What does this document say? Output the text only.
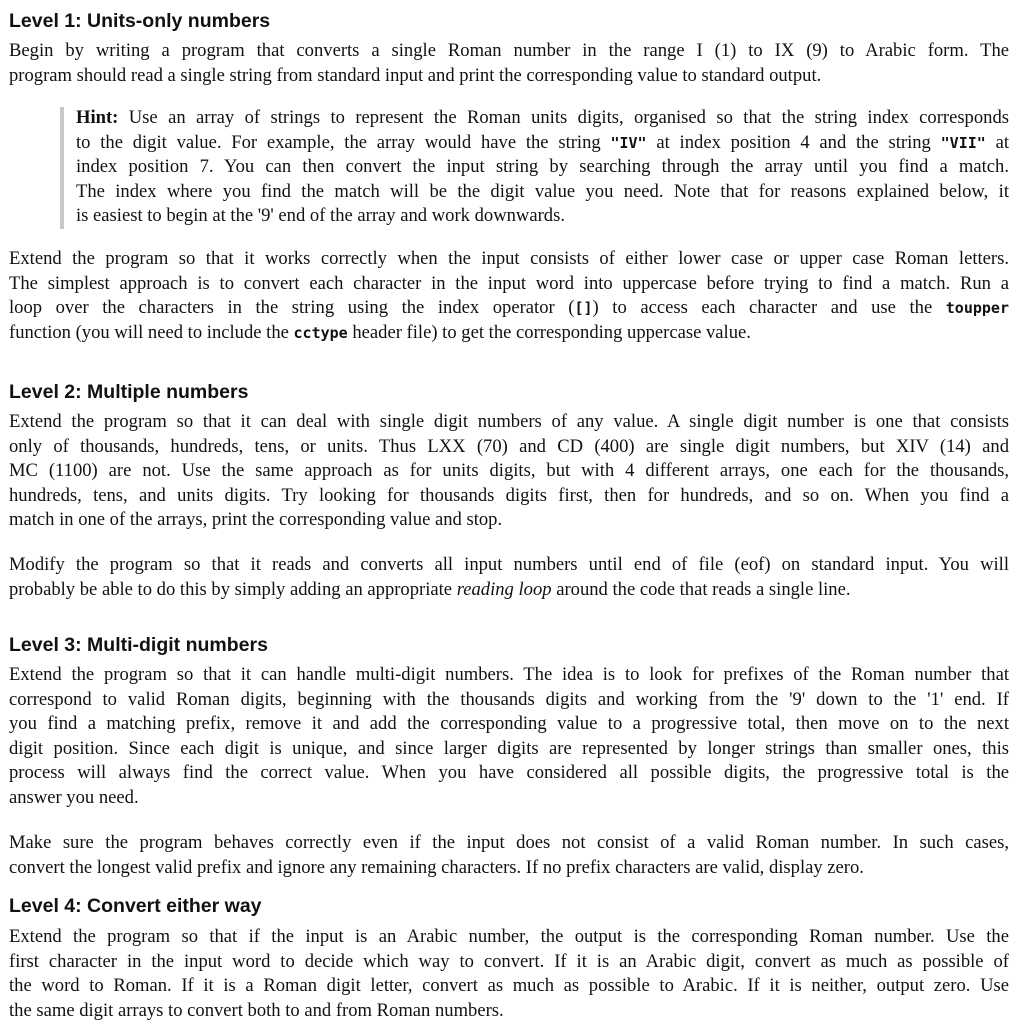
Level 1: Units-only numbers
Begin by writing a program that converts a single Roman number in the range I (1) to IX (9) to Arabic form. The
program should read a single string from standard input and print the corresponding value to standard output.
Hint: Use an array of strings to represent the Roman units digits, organised so that the string index corresponds
to the digit value. For example, the array would have the string "IV" at index position 4 and the string "VII" at
index position 7. You can then convert the input string by searching through the array until you find a match.
The index where you find the match will be the digit value you need. Note that for reasons explained below, it
is easiest to begin at the '9' end of the array and work downwards.
Extend the program so that it works correctly when the input consists of either lower case or upper case Roman letters.
The simplest approach is to convert each character in the input word into uppercase before trying to find a match. Run a
loop over the characters in the string using the index operator ([]) to access each character and use the toupper
function (you will need to include the cctype header file) to get the corresponding uppercase value.
Level 2: Multiple numbers
Extend the program so that it can deal with single digit numbers of any value. A single digit number is one that consists
only of thousands, hundreds, tens, or units. Thus LXX (70) and CD (400) are single digit numbers, but XIV (14) and
MC (1100) are not. Use the same approach as for units digits, but with 4 different arrays, one each for the thousands,
hundreds, tens, and units digits. Try looking for thousands digits first, then for hundreds, and so on. When you find a
match in one of the arrays, print the corresponding value and stop.
Modify the program so that it reads and converts all input numbers until end of file (eof) on standard input. You will
probably be able to do this by simply adding an appropriate reading loop around the code that reads a single line.
Level 3: Multi-digit numbers
Extend the program so that it can handle multi-digit numbers. The idea is to look for prefixes of the Roman number that
correspond to valid Roman digits, beginning with the thousands digits and working from the '9' down to the '1' end. If
you find a matching prefix, remove it and add the corresponding value to a progressive total, then move on to the next
digit position. Since each digit is unique, and since larger digits are represented by longer strings than smaller ones, this
process will always find the correct value. When you have considered all possible digits, the progressive total is the
answer you need.
Make sure the program behaves correctly even if the input does not consist of a valid Roman number. In such cases,
convert the longest valid prefix and ignore any remaining characters. If no prefix characters are valid, display zero.
Level 4: Convert either way
Extend the program so that if the input is an Arabic number, the output is the corresponding Roman number. Use the
first character in the input word to decide which way to convert. If it is an Arabic digit, convert as much as possible of
the word to Roman. If it is a Roman digit letter, convert as much as possible to Arabic. If it is neither, output zero. Use
the same digit arrays to convert both to and from Roman numbers.
